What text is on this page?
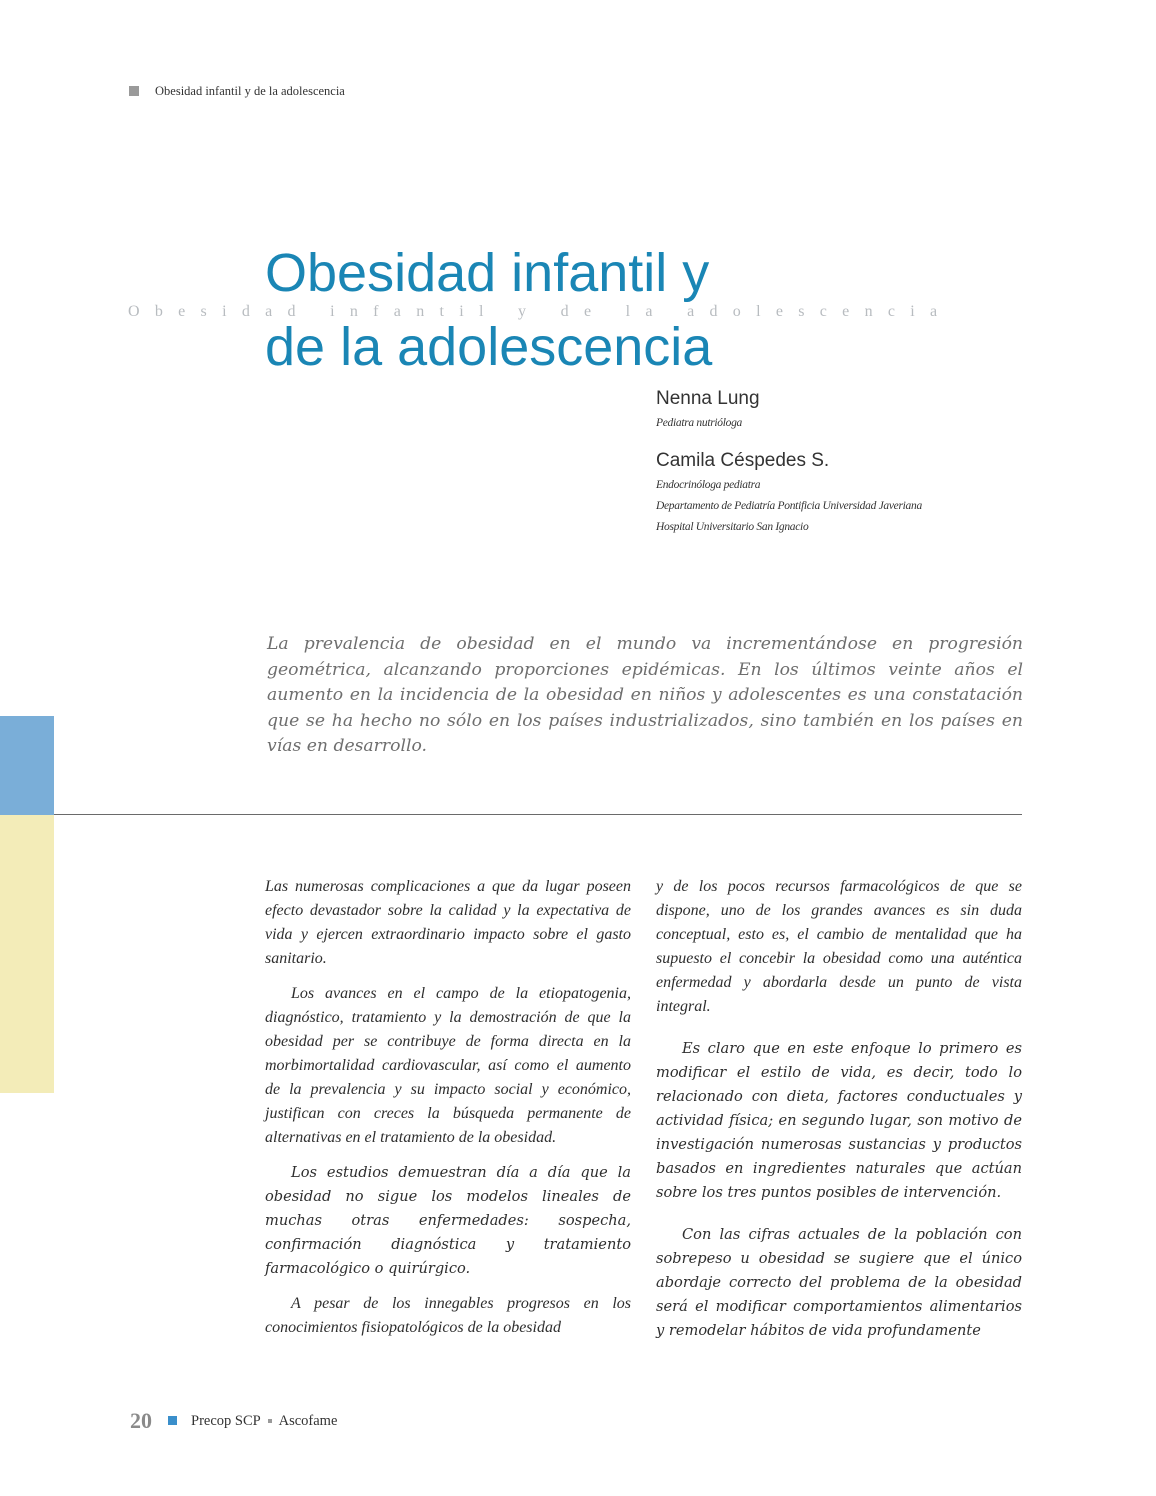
Obesidad infantil y de la adolescencia
Obesidad infantil y de la adolescencia
Obesidad infantil y
de la adolescencia
Nenna Lung
Pediatra nutrióloga
Camila Céspedes S.
Endocrinóloga pediatra
Departamento de Pediatría Pontificia Universidad Javeriana
Hospital Universitario San Ignacio
La prevalencia de obesidad en el mundo va incrementándose en progresión geométrica, alcanzando proporciones epidémicas. En los últimos veinte años el aumento en la incidencia de la obesidad en niños y adolescentes es una constatación que se ha hecho no sólo en los países industrializados, sino también en los países en vías en desarrollo.

Las numerosas complicaciones a que da lugar poseen efecto devastador sobre la calidad y la expectativa de vida y ejercen extraordinario impacto sobre el gasto sanitario.

Los avances en el campo de la etiopatogenia, diagnóstico, tratamiento y la demostración de que la obesidad per se contribuye de forma directa en la morbimortalidad cardiovascular, así como el aumento de la prevalencia y su impacto social y económico, justifican con creces la búsqueda permanente de alternativas en el tratamiento de la obesidad.

Los estudios demuestran día a día que la obesidad no sigue los modelos lineales de muchas otras enfermedades: sospecha, confirmación diagnóstica y tratamiento farmacológico o quirúrgico.

A pesar de los innegables progresos en los conocimientos fisiopatológicos de la obesidad

y de los pocos recursos farmacológicos de que se dispone, uno de los grandes avances es sin duda conceptual, esto es, el cambio de mentalidad que ha supuesto el concebir la obesidad como una auténtica enfermedad y abordarla desde un punto de vista integral.

Es claro que en este enfoque lo primero es modificar el estilo de vida, es decir, todo lo relacionado con dieta, factores conductuales y actividad física; en segundo lugar, son motivo de investigación numerosas sustancias y productos basados en ingredientes naturales que actúan sobre los tres puntos posibles de intervención.

Con las cifras actuales de la población con sobrepeso u obesidad se sugiere que el único abordaje correcto del problema de la obesidad será el modificar comportamientos alimentarios y remodelar hábitos de vida profundamente

20	Precop SCP Ascofame
